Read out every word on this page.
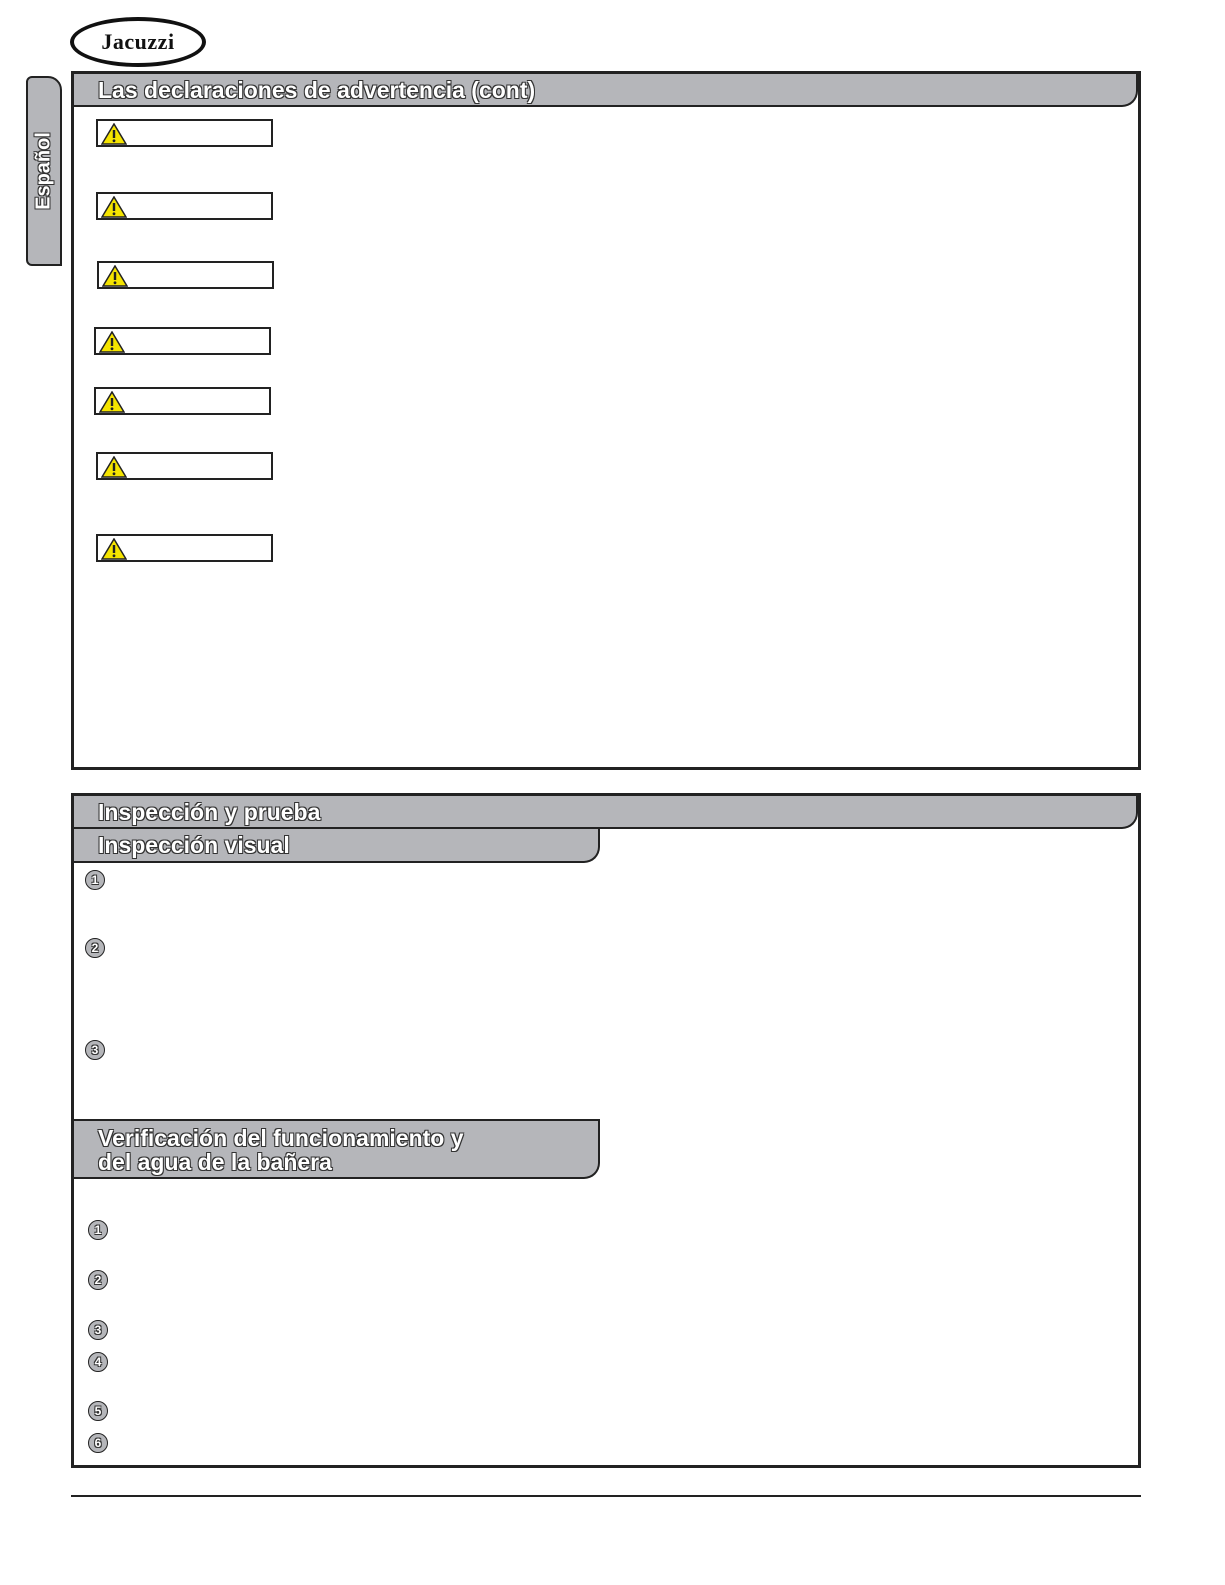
Jacuzzi
Español
Las declaraciones de advertencia (cont)
Inspección y prueba
Inspección visual
1
2
3
Verificación del funcionamiento y
del agua de la bañera
1
2
3
4
5
6
